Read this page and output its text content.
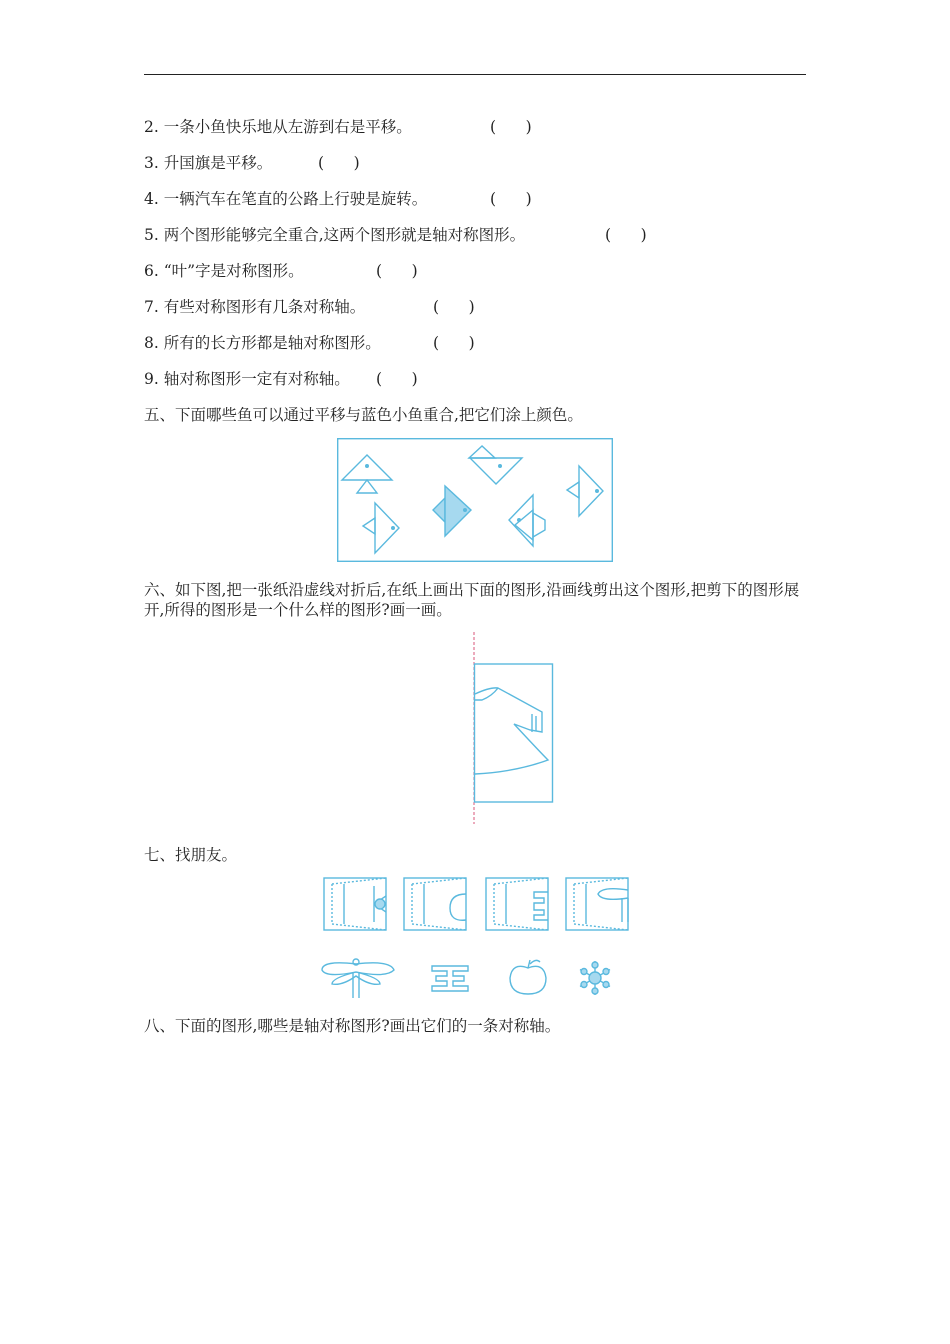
2. 一条小鱼快乐地从左游到右是平移。	(      )
3. 升国旗是平移。	(      )
4. 一辆汽车在笔直的公路上行驶是旋转。	(      )
5. 两个图形能够完全重合,这两个图形就是轴对称图形。	(      )
6. “叶”字是对称图形。	(      )
7. 有些对称图形有几条对称轴。	(      )
8. 所有的长方形都是轴对称图形。	(      )
9. 轴对称图形一定有对称轴。 (      )
五、下面哪些鱼可以通过平移与蓝色小鱼重合,把它们涂上颜色。
六、如下图,把一张纸沿虚线对折后,在纸上画出下面的图形,沿画线剪出这个图形,把剪下的图形展开,所得的图形是一个什么样的图形?画一画。
七、找朋友。
八、下面的图形,哪些是轴对称图形?画出它们的一条对称轴。
